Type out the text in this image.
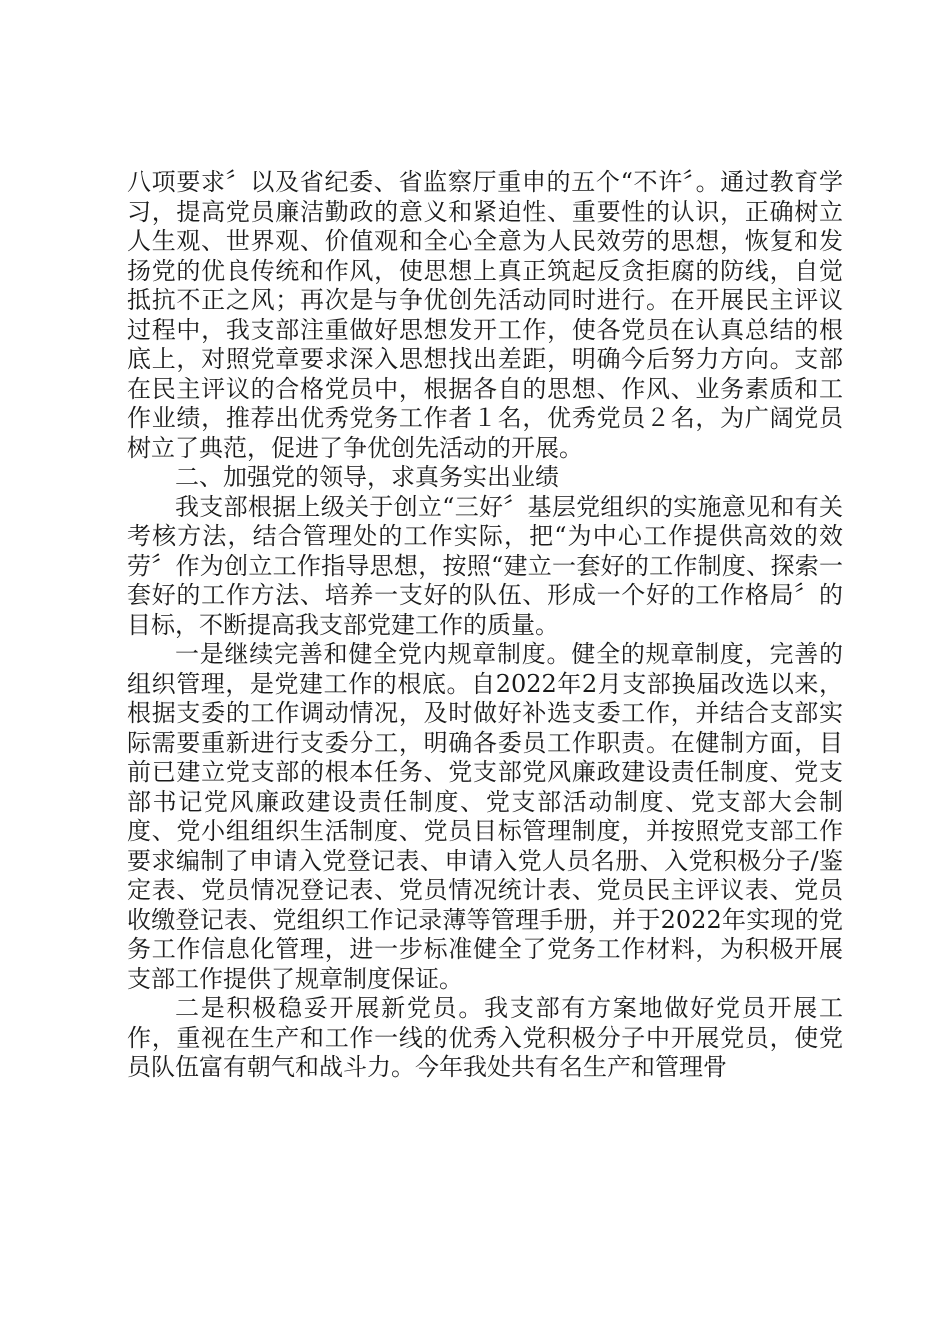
八项要求〞以及省纪委、省监察厅重申的五个“不许〞。通过教育学习，提高党员廉洁勤政的意义和紧迫性、重要性的认识，正确树立人生观、世界观、价值观和全心全意为人民效劳的思想，恢复和发扬党的优良传统和作风，使思想上真正筑起反贪拒腐的防线，自觉抵抗不正之风；再次是与争优创先活动同时进行。在开展民主评议过程中，我支部注重做好思想发开工作，使各党员在认真总结的根底上，对照党章要求深入思想找出差距，明确今后努力方向。支部在民主评议的合格党员中，根据各自的思想、作风、业务素质和工作业绩，推荐出优秀党务工作者１名，优秀党员２名，为广阔党员树立了典范，促进了争优创先活动的开展。

二、加强党的领导，求真务实出业绩

我支部根据上级关于创立“三好〞基层党组织的实施意见和有关考核方法，结合管理处的工作实际，把“为中心工作提供高效的效劳〞作为创立工作指导思想，按照“建立一套好的工作制度、探索一套好的工作方法、培养一支好的队伍、形成一个好的工作格局〞的目标，不断提高我支部党建工作的质量。

一是继续完善和健全党内规章制度。健全的规章制度，完善的组织管理，是党建工作的根底。自2022年2月支部换届改选以来，根据支委的工作调动情况，及时做好补选支委工作，并结合支部实际需要重新进行支委分工，明确各委员工作职责。在健制方面，目前已建立党支部的根本任务、党支部党风廉政建设责任制度、党支部书记党风廉政建设责任制度、党支部活动制度、党支部大会制度、党小组组织生活制度、党员目标管理制度，并按照党支部工作要求编制了申请入党登记表、申请入党人员名册、入党积极分子/鉴定表、党员情况登记表、党员情况统计表、党员民主评议表、党员收缴登记表、党组织工作记录薄等管理手册，并于2022年实现的党务工作信息化管理，进一步标准健全了党务工作材料，为积极开展支部工作提供了规章制度保证。

二是积极稳妥开展新党员。我支部有方案地做好党员开展工作，重视在生产和工作一线的优秀入党积极分子中开展党员，使党员队伍富有朝气和战斗力。今年我处共有名生产和管理骨
